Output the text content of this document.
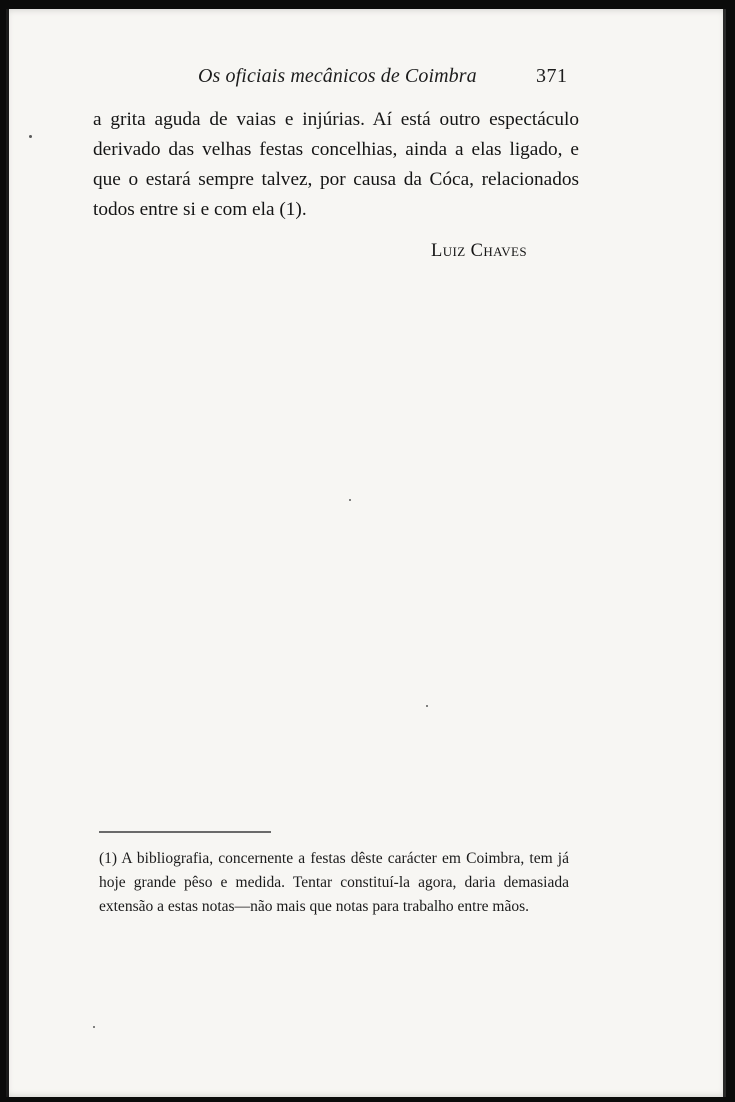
Os oficiais mecânicos de Coimbra	371

a grita aguda de vaias e injúrias. Aí está outro espectáculo derivado das velhas festas concelhias, ainda a elas ligado, e que o estará sempre talvez, por causa da Cóca, relacionados todos entre si e com ela (1).

Luiz Chaves

(1) A bibliografia, concernente a festas dêste carácter em Coimbra, tem já hoje grande pêso e medida. Tentar constituí-la agora, daria demasiada extensão a estas notas—não mais que notas para trabalho entre mãos.
